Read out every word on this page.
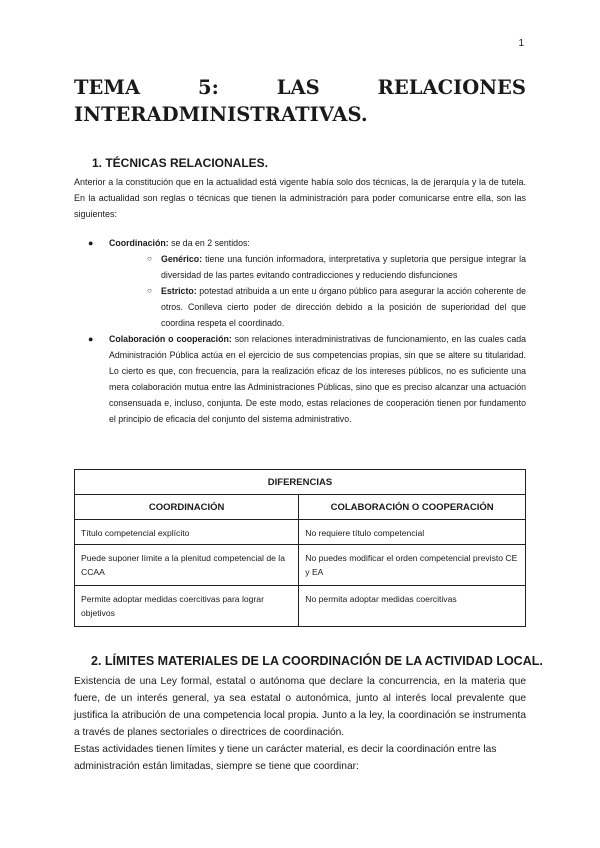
1
TEMA	5:	LAS	RELACIONES
INTERADMINISTRATIVAS.
1. TÉCNICAS RELACIONALES.

Anterior a la constitución que en la actualidad está vigente había solo dos técnicas, la de jerarquía y la de tutela. En la actualidad son reglas o técnicas que tienen la administración para poder comunicarse entre ella, son las siguientes:

● Coordinación: se da en 2 sentidos:
○ Genérico: tiene una función informadora, interpretativa y supletoria que persigue integrar la diversidad de las partes evitando contradicciones y reduciendo disfunciones
○ Estricto: potestad atribuida a un ente u órgano público para asegurar la acción coherente de otros. Conlleva cierto poder de dirección debido a la posición de superioridad del que coordina respeta el coordinado.
● Colaboración o cooperación: son relaciones interadministrativas de funcionamiento, en las cuales cada Administración Pública actúa en el ejercicio de sus competencias propias, sin que se altere su titularidad. Lo cierto es que, con frecuencia, para la realización eficaz de los intereses públicos, no es suficiente una mera colaboración mutua entre las Administraciones Públicas, sino que es preciso alcanzar una actuación consensuada e, incluso, conjunta. De este modo, estas relaciones de cooperación tienen por fundamento el principio de eficacia del conjunto del sistema administrativo.
DIFERENCIAS	
COORDINACIÓN	COLABORACIÓN O COOPERACIÓN
Título competencial explícito	No requiere título competencial
Puede suponer límite a la plenitud competencial de la CCAA	No puedes modificar el orden competencial previsto CE y EA
Permite adoptar medidas coercitivas para lograr objetivos	No permita adoptar medidas coercitivas
2. LÍMITES MATERIALES DE LA COORDINACIÓN DE LA ACTIVIDAD LOCAL.

Existencia de una Ley formal, estatal o autónoma que declare la concurrencia, en la materia que fuere, de un interés general, ya sea estatal o autonómica, junto al interés local prevalente que justifica la atribución de una competencia local propia. Junto a la ley, la coordinación se instrumenta a través de planes sectoriales o directrices de coordinación.

Estas actividades tienen límites y tiene un carácter material, es decir la coordinación entre las administración están limitadas, siempre se tiene que coordinar:
